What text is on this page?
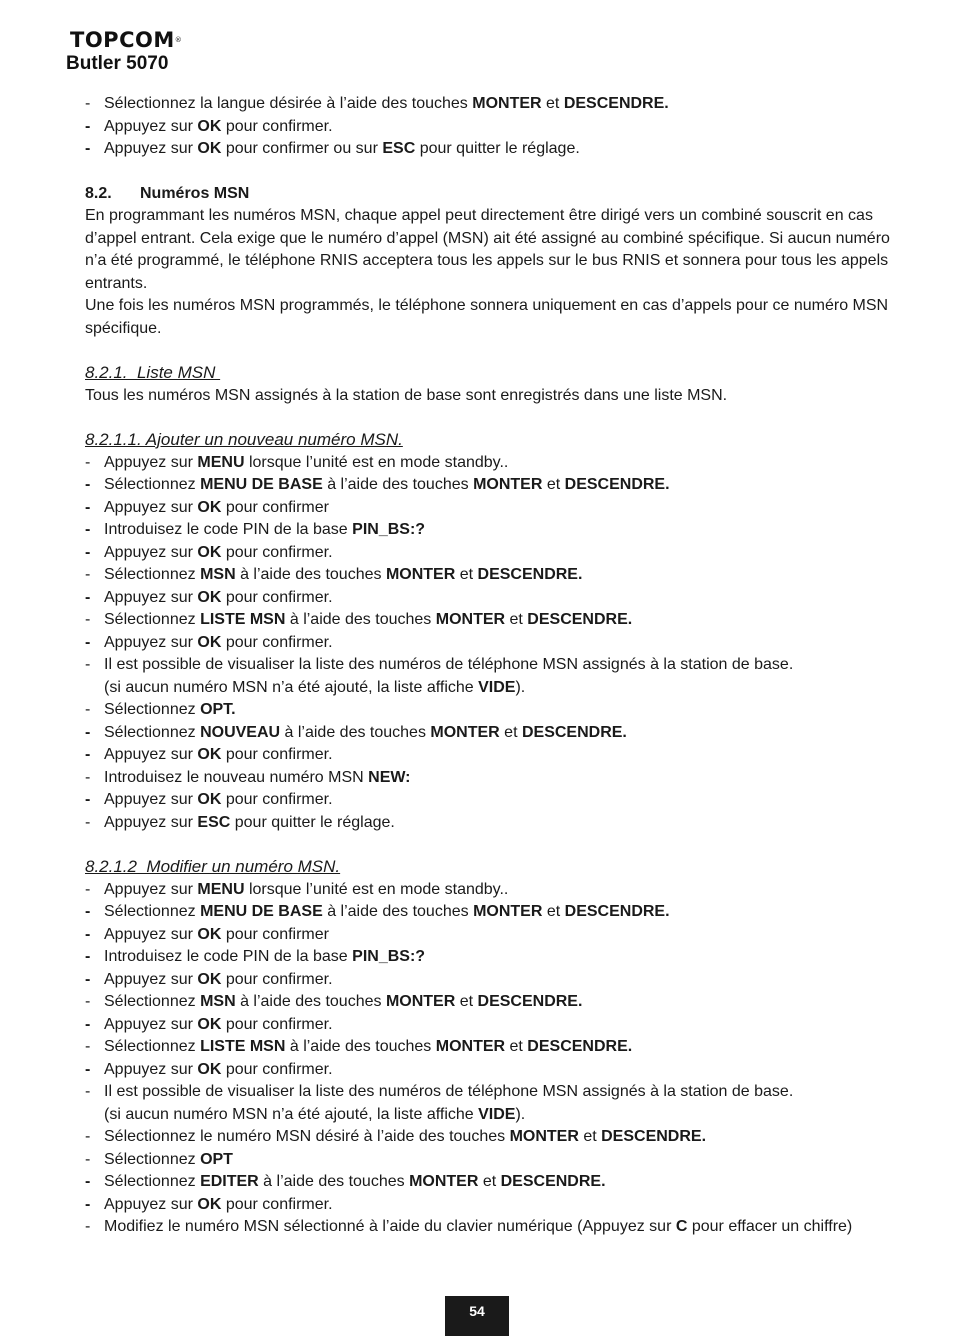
TOPCOM®
Butler 5070
- Sélectionnez la langue désirée à l’aide des touches MONTER et DESCENDRE.
- Appuyez sur OK pour confirmer.
- Appuyez sur OK pour confirmer ou sur ESC pour quitter le réglage.
8.2. Numéros MSN
En programmant les numéros MSN, chaque appel peut directement être dirigé vers un combiné souscrit en cas d’appel entrant. Cela exige que le numéro d’appel (MSN) ait été assigné au combiné spécifique. Si aucun numéro n’a été programmé, le téléphone RNIS acceptera tous les appels sur le bus RNIS et sonnera pour tous les appels entrants.
Une fois les numéros MSN programmés, le téléphone sonnera uniquement en cas d’appels pour ce numéro MSN spécifique.
8.2.1.  Liste MSN
Tous les numéros MSN assignés à la station de base sont enregistrés dans une liste MSN.
8.2.1.1. Ajouter un nouveau numéro MSN.
- Appuyez sur MENU lorsque l’unité est en mode standby..
- Sélectionnez MENU DE BASE à l’aide des touches MONTER et DESCENDRE.
- Appuyez sur OK pour confirmer
- Introduisez le code PIN de la base PIN_BS:?
- Appuyez sur OK pour confirmer.
- Sélectionnez MSN à l’aide des touches MONTER et DESCENDRE.
- Appuyez sur OK pour confirmer.
- Sélectionnez LISTE MSN à l’aide des touches MONTER et DESCENDRE.
- Appuyez sur OK pour confirmer.
- Il est possible de visualiser la liste des numéros de téléphone MSN assignés à la station de base.
(si aucun numéro MSN n’a été ajouté, la liste affiche VIDE).
- Sélectionnez OPT.
- Sélectionnez NOUVEAU à l’aide des touches MONTER et DESCENDRE.
- Appuyez sur OK pour confirmer.
- Introduisez le nouveau numéro MSN NEW:
- Appuyez sur OK pour confirmer.
- Appuyez sur ESC pour quitter le réglage.
8.2.1.2  Modifier un numéro MSN.
- Appuyez sur MENU lorsque l’unité est en mode standby..
- Sélectionnez MENU DE BASE à l’aide des touches MONTER et DESCENDRE.
- Appuyez sur OK pour confirmer
- Introduisez le code PIN de la base PIN_BS:?
- Appuyez sur OK pour confirmer.
- Sélectionnez MSN à l’aide des touches MONTER et DESCENDRE.
- Appuyez sur OK pour confirmer.
- Sélectionnez LISTE MSN à l’aide des touches MONTER et DESCENDRE.
- Appuyez sur OK pour confirmer.
- Il est possible de visualiser la liste des numéros de téléphone MSN assignés à la station de base.
(si aucun numéro MSN n’a été ajouté, la liste affiche VIDE).
- Sélectionnez le numéro MSN désiré à l’aide des touches MONTER et DESCENDRE.
- Sélectionnez OPT
- Sélectionnez EDITER à l’aide des touches MONTER et DESCENDRE.
- Appuyez sur OK pour confirmer.
- Modifiez le numéro MSN sélectionné à l’aide du clavier numérique (Appuyez sur C pour effacer un chiffre)
54
